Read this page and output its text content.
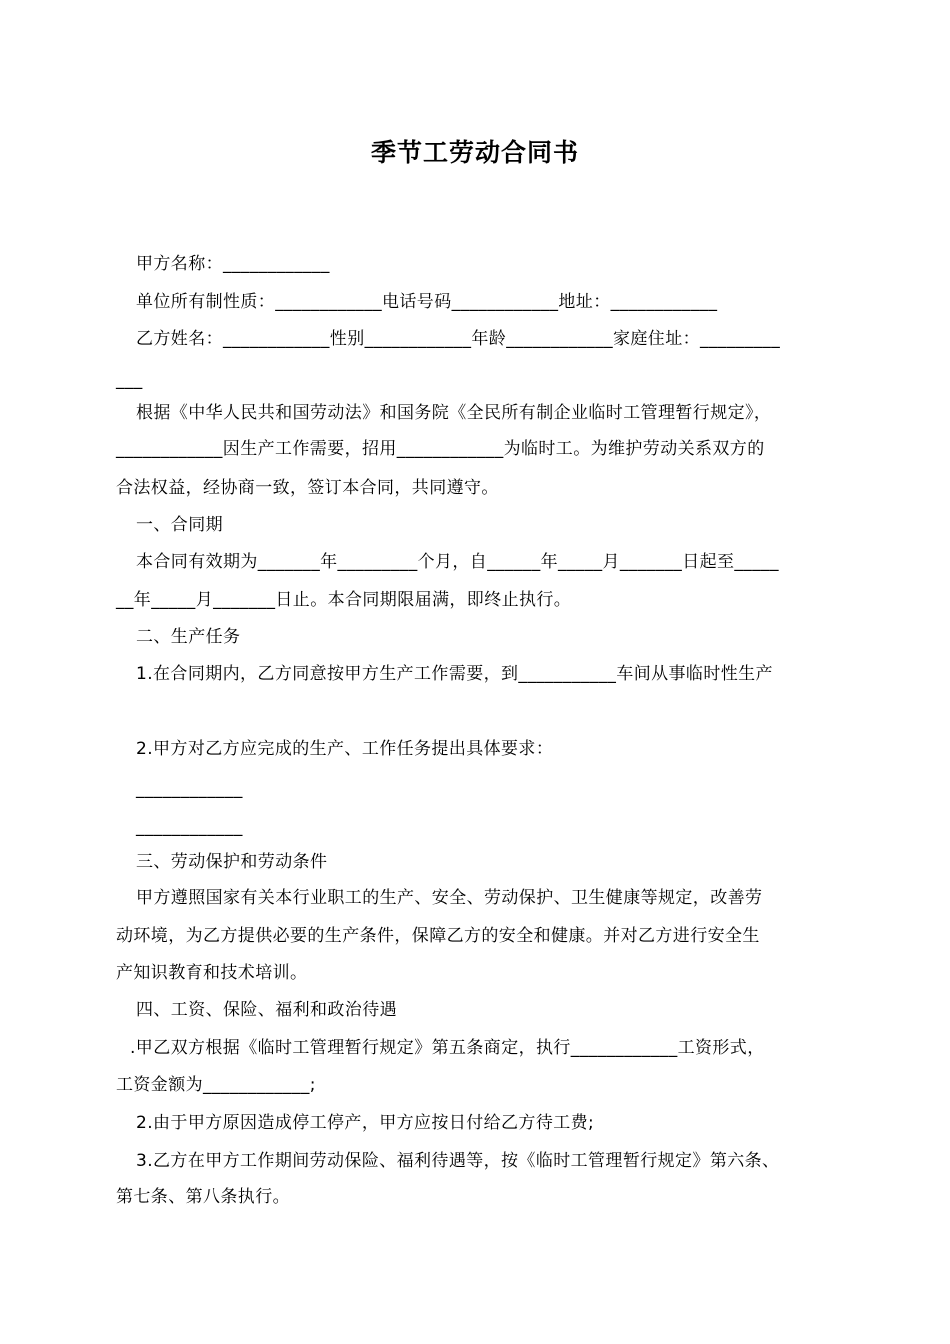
季节工劳动合同书
甲方名称：____________
单位所有制性质：____________电话号码____________地址：____________
乙方姓名：____________性别____________年龄____________家庭住址：_________
___
根据《中华人民共和国劳动法》和国务院《全民所有制企业临时工管理暂行规定》，
____________因生产工作需要，招用____________为临时工。为维护劳动关系双方的
合法权益，经协商一致，签订本合同，共同遵守。
一、合同期
本合同有效期为_______年_________个月，自______年_____月_______日起至_____
__年_____月_______日止。本合同期限届满，即终止执行。
二、生产任务
1.在合同期内，乙方同意按甲方生产工作需要，到___________车间从事临时性生产
2.甲方对乙方应完成的生产、工作任务提出具体要求：
____________
____________
三、劳动保护和劳动条件
甲方遵照国家有关本行业职工的生产、安全、劳动保护、卫生健康等规定，改善劳
动环境，为乙方提供必要的生产条件，保障乙方的安全和健康。并对乙方进行安全生
产知识教育和技术培训。
四、工资、保险、福利和政治待遇
.甲乙双方根据《临时工管理暂行规定》第五条商定，执行____________工资形式，
工资金额为____________;
2.由于甲方原因造成停工停产，甲方应按日付给乙方待工费;
3.乙方在甲方工作期间劳动保险、福利待遇等，按《临时工管理暂行规定》第六条、
第七条、第八条执行。
